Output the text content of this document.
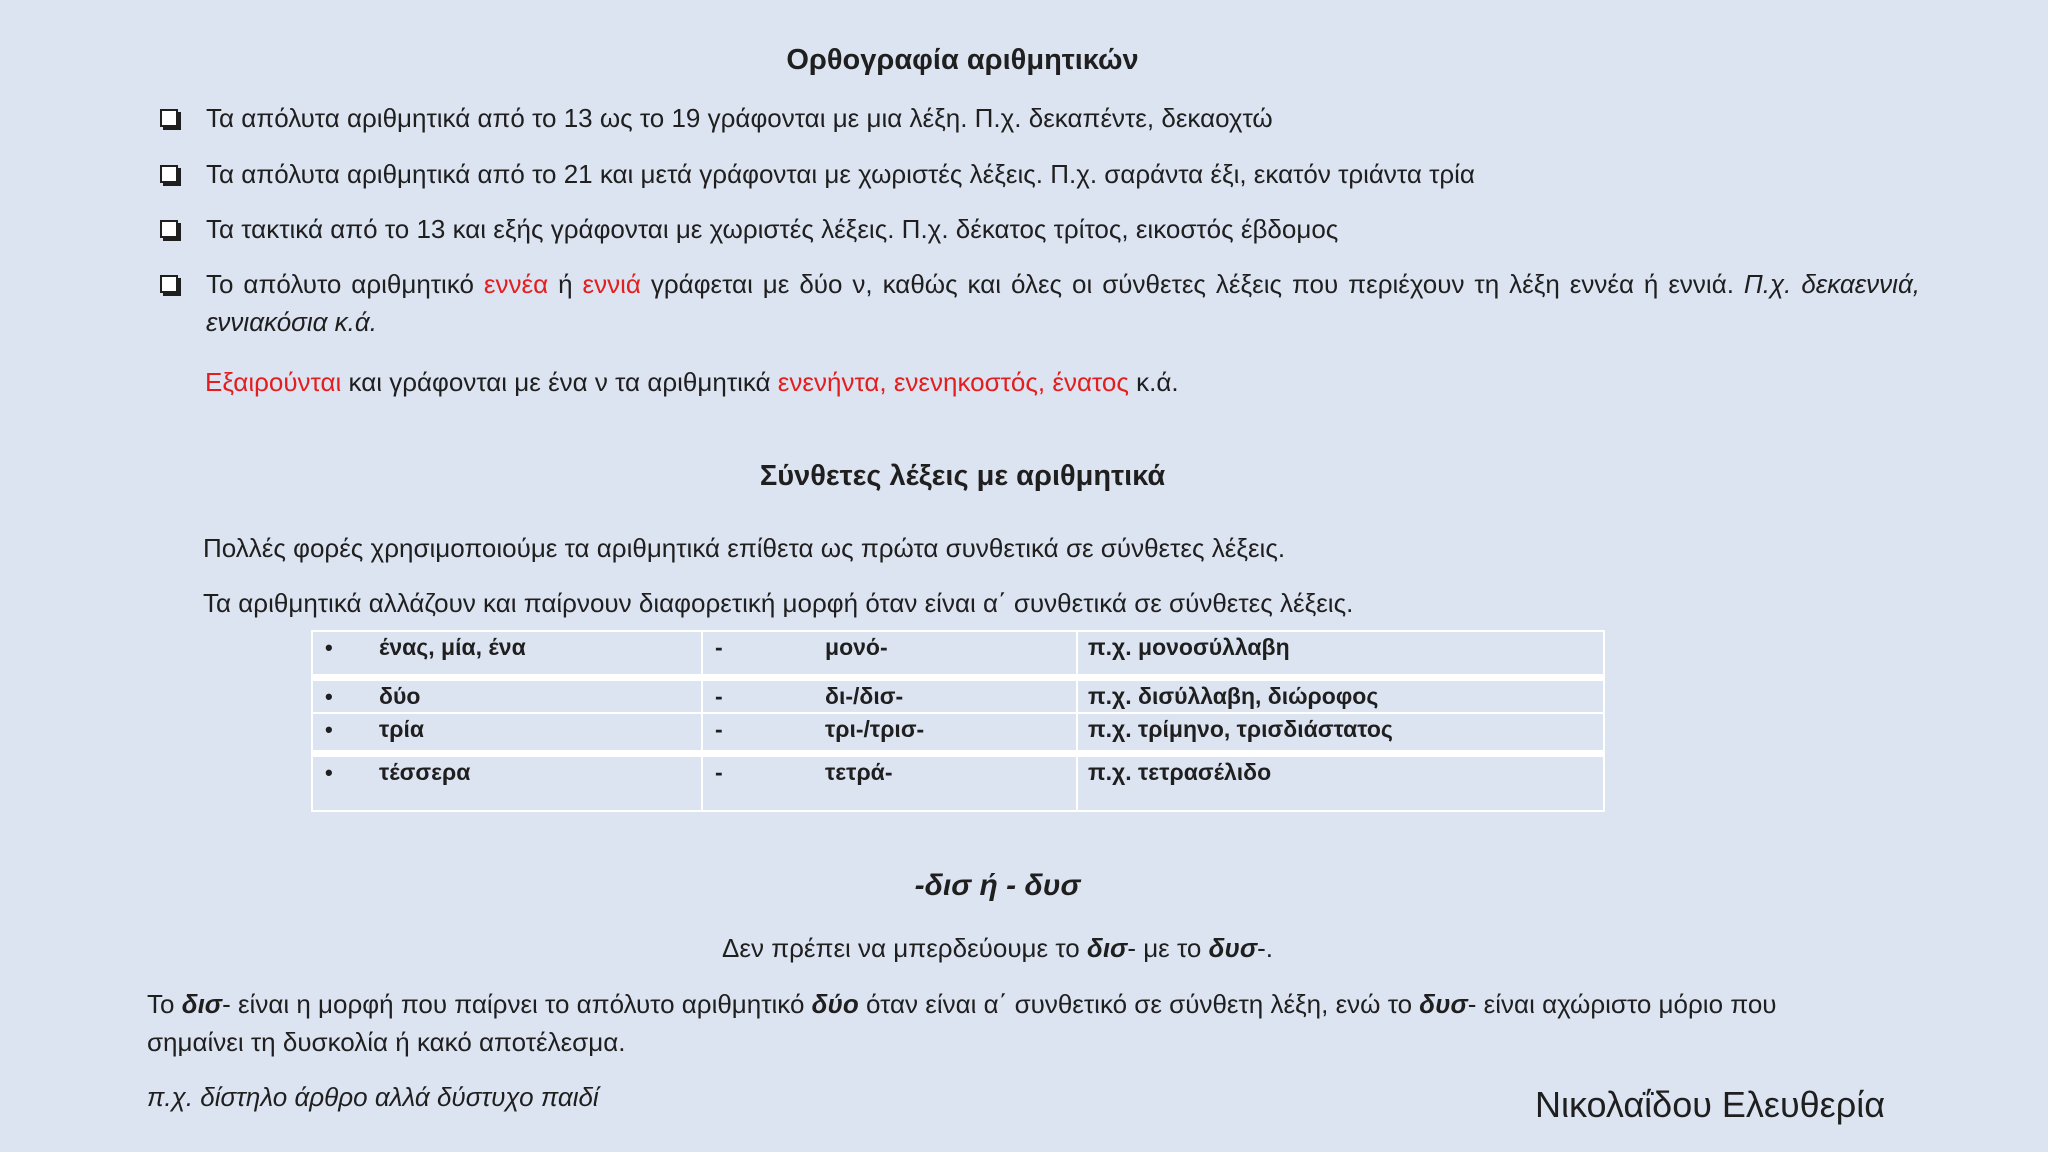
Ορθογραφία αριθμητικών
Τα απόλυτα αριθμητικά από το 13 ως το 19 γράφονται με μια λέξη. Π.χ. δεκαπέντε, δεκαοχτώ
Τα απόλυτα αριθμητικά από το 21 και μετά γράφονται με χωριστές λέξεις. Π.χ. σαράντα έξι, εκατόν τριάντα τρία
Τα τακτικά από το 13 και εξής γράφονται με χωριστές λέξεις. Π.χ. δέκατος τρίτος, εικοστός έβδομος
Το απόλυτο αριθμητικό εννέα ή εννιά γράφεται με δύο ν, καθώς και όλες οι σύνθετες λέξεις που περιέχουν τη λέξη εννέα ή εννιά. Π.χ. δεκαεννιά, εννιακόσια κ.ά.
Εξαιρούνται και γράφονται με ένα ν τα αριθμητικά ενενήντα, ενενηκοστός, ένατος κ.ά.
Σύνθετες λέξεις με αριθμητικά
Πολλές φορές χρησιμοποιούμε τα αριθμητικά επίθετα ως πρώτα συνθετικά σε σύνθετες λέξεις.
Τα αριθμητικά αλλάζουν και παίρνουν διαφορετική μορφή όταν είναι α΄ συνθετικά σε σύνθετες λέξεις.
• ένας, μία, ένα	- μονό-	π.χ. μονοσύλλαβη
• δύο	- δι-/δισ-	π.χ. δισύλλαβη, διώροφος
• τρία	- τρι-/τρισ-	π.χ. τρίμηνο, τρισδιάστατος
• τέσσερα	- τετρά-	π.χ. τετρασέλιδο
-δισ ή - δυσ
Δεν πρέπει να μπερδεύουμε το δισ- με το δυσ-.
Το δισ- είναι η μορφή που παίρνει το απόλυτο αριθμητικό δύο όταν είναι α΄ συνθετικό σε σύνθετη λέξη, ενώ το δυσ- είναι αχώριστο μόριο που σημαίνει τη δυσκολία ή κακό αποτέλεσμα.
π.χ. δίστηλο άρθρο αλλά δύστυχο παιδί	Νικολαΐδου Ελευθερία
